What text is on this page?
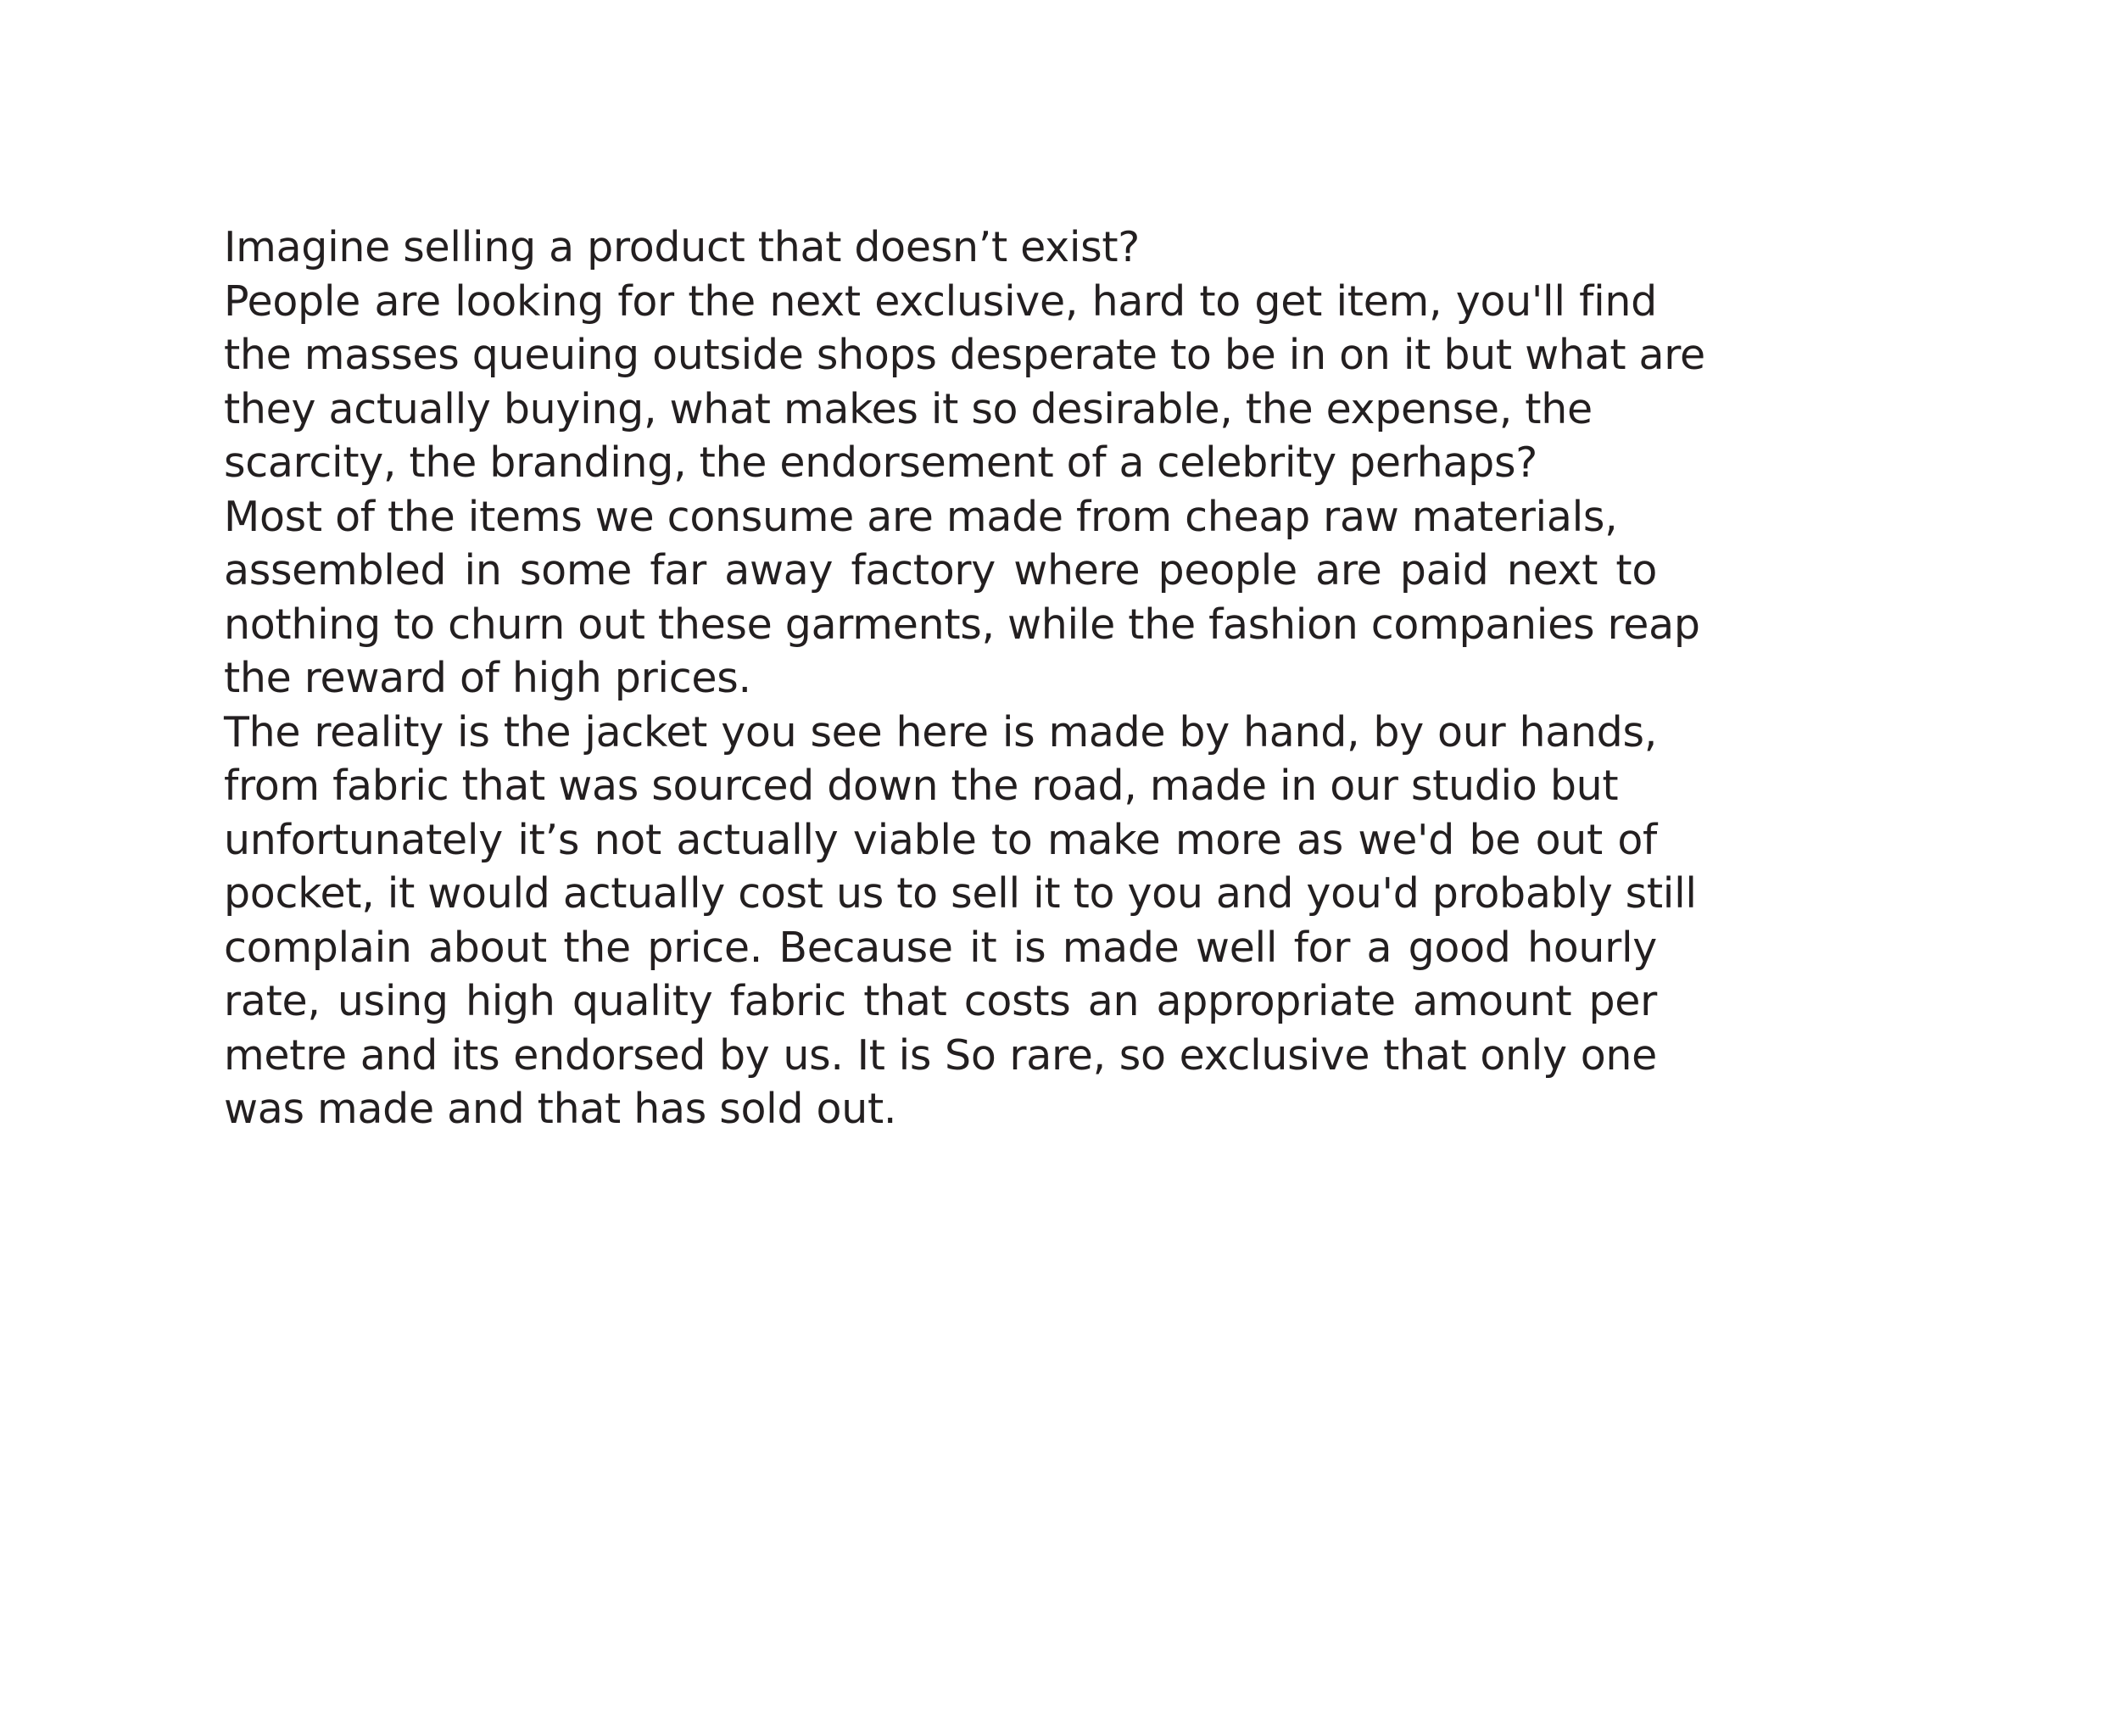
Imagine selling a product that doesn’t exist?

People are looking for the next exclusive, hard to get item, you'll find
the masses queuing outside shops desperate to be in on it but what are
they actually buying, what makes it so desirable, the expense, the
scarcity, the branding, the endorsement of a celebrity perhaps?

Most of the items we consume are made from cheap raw materials,
assembled in some far away factory where people are paid next to
nothing to churn out these garments, while the fashion companies reap
the reward of high prices.

The reality is the jacket you see here is made by hand, by our hands,
from fabric that was sourced down the road, made in our studio but
unfortunately it’s not actually viable to make more as we'd be out of
pocket, it would actually cost us to sell it to you and you'd probably still
complain about the price. Because it is made well for a good hourly
rate, using high quality fabric that costs an appropriate amount per
metre and its endorsed by us. It is So rare, so exclusive that only one
was made and that has sold out.
